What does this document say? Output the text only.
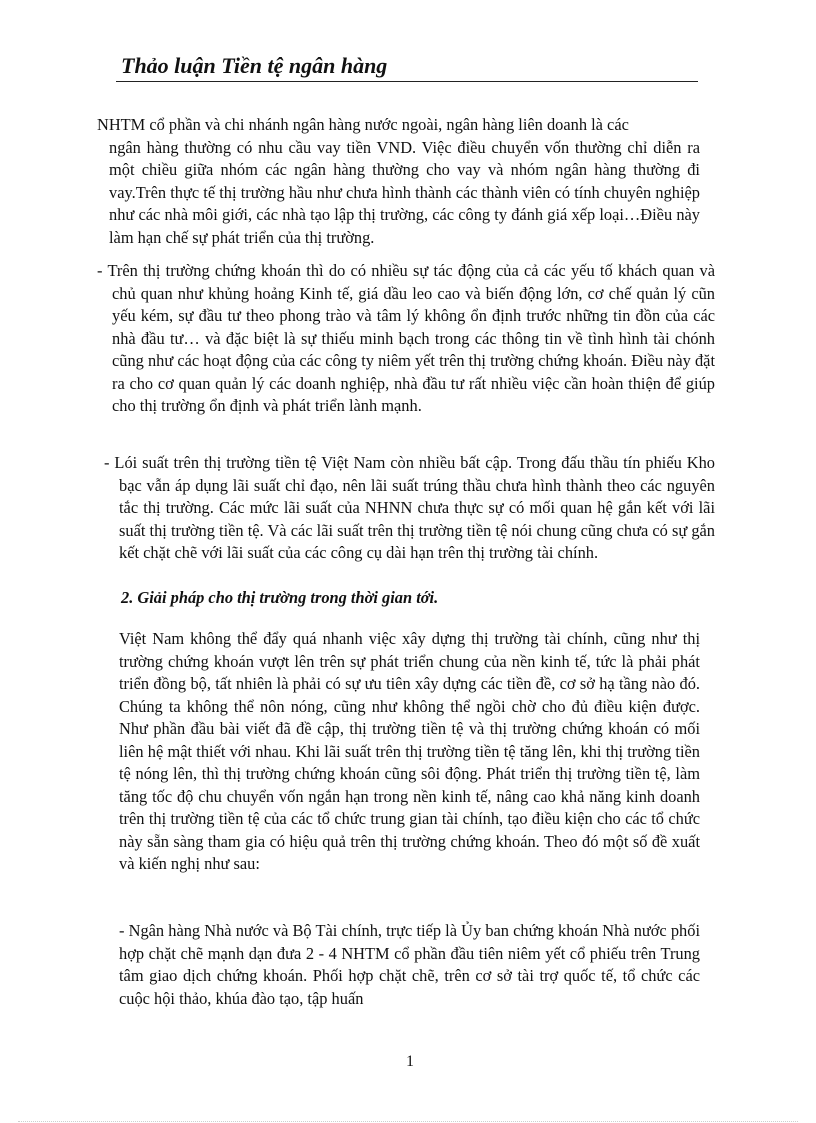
Thảo luận Tiền tệ ngân hàng

NHTM cổ phần và chi nhánh ngân hàng nước ngoài, ngân hàng liên doanh là các
ngân hàng thường có nhu cầu vay tiền VND. Việc điều chuyển vốn thường chỉ diễn ra một chiều giữa nhóm các ngân hàng thường cho vay và nhóm ngân hàng thường đi vay.Trên thực tế thị trường hầu như chưa hình thành các thành viên có tính chuyên nghiệp như các nhà môi giới, các nhà tạo lập thị trường, các công ty đánh giá xếp loại…Điều này làm hạn chế sự phát triển của thị trường.

- Trên thị trường chứng khoán thì do có nhiều sự tác động của cả các yếu tố khách quan và chủ quan như khủng hoảng Kinh tế, giá dầu leo cao và biến động lớn, cơ chế quản lý cũn yếu kém, sự đầu tư theo phong trào và tâm lý không ổn định trước những tin đồn của các nhà đầu tư… và đặc biệt là sự thiếu minh bạch trong các thông tin về tình hình tài chónh cũng như các hoạt động của các công ty niêm yết trên thị trường chứng khoán. Điều này đặt ra cho cơ quan quản lý các doanh nghiệp, nhà đầu tư rất nhiều việc cần hoàn thiện để giúp cho thị trường ổn định và phát triển lành mạnh.

- Lói suất trên thị trường tiền tệ Việt Nam còn nhiều bất cập. Trong đấu thầu tín phiếu Kho bạc vẫn áp dụng lãi suất chỉ đạo, nên lãi suất trúng thầu chưa hình thành theo các nguyên tắc thị trường. Các mức lãi suất của NHNN chưa thực sự có mối quan hệ gắn kết với lãi suất thị trường tiền tệ. Và các lãi suất trên thị trường tiền tệ nói chung cũng chưa có sự gắn kết chặt chẽ với lãi suất của các công cụ dài hạn trên thị trường tài chính.

2. Giải pháp cho thị trường trong thời gian tới.

Việt Nam không thể đẩy quá nhanh việc xây dựng thị trường tài chính, cũng như thị trường chứng khoán vượt lên trên sự phát triển chung của nền kinh tế, tức là phải phát triển đồng bộ, tất nhiên là phải có sự ưu tiên xây dựng các tiền đề, cơ sở hạ tầng nào đó. Chúng ta không thể nôn nóng, cũng như không thể ngồi chờ cho đủ điều kiện được. Như phần đầu bài viết đã đề cập, thị trường tiền tệ và thị trường chứng khoán có mối liên hệ mật thiết với nhau. Khi lãi suất trên thị trường tiền tệ tăng lên, khi thị trường tiền tệ nóng lên, thì thị trường chứng khoán cũng sôi động. Phát triển thị trường tiền tệ, làm tăng tốc độ chu chuyển vốn ngắn hạn trong nền kinh tế, nâng cao khả năng kinh doanh trên thị trường tiền tệ của các tổ chức trung gian tài chính, tạo điều kiện cho các tổ chức này sẵn sàng tham gia có hiệu quả trên thị trường chứng khoán. Theo đó một số đề xuất và kiến nghị như sau:

- Ngân hàng Nhà nước và Bộ Tài chính, trực tiếp là Ủy ban chứng khoán Nhà nước phối hợp chặt chẽ mạnh dạn đưa 2 - 4 NHTM cổ phần đầu tiên niêm yết cổ phiếu trên Trung tâm giao dịch chứng khoán. Phối hợp chặt chẽ, trên cơ sở tài trợ quốc tế, tổ chức các cuộc hội thảo, khúa đào tạo, tập huấn

1
